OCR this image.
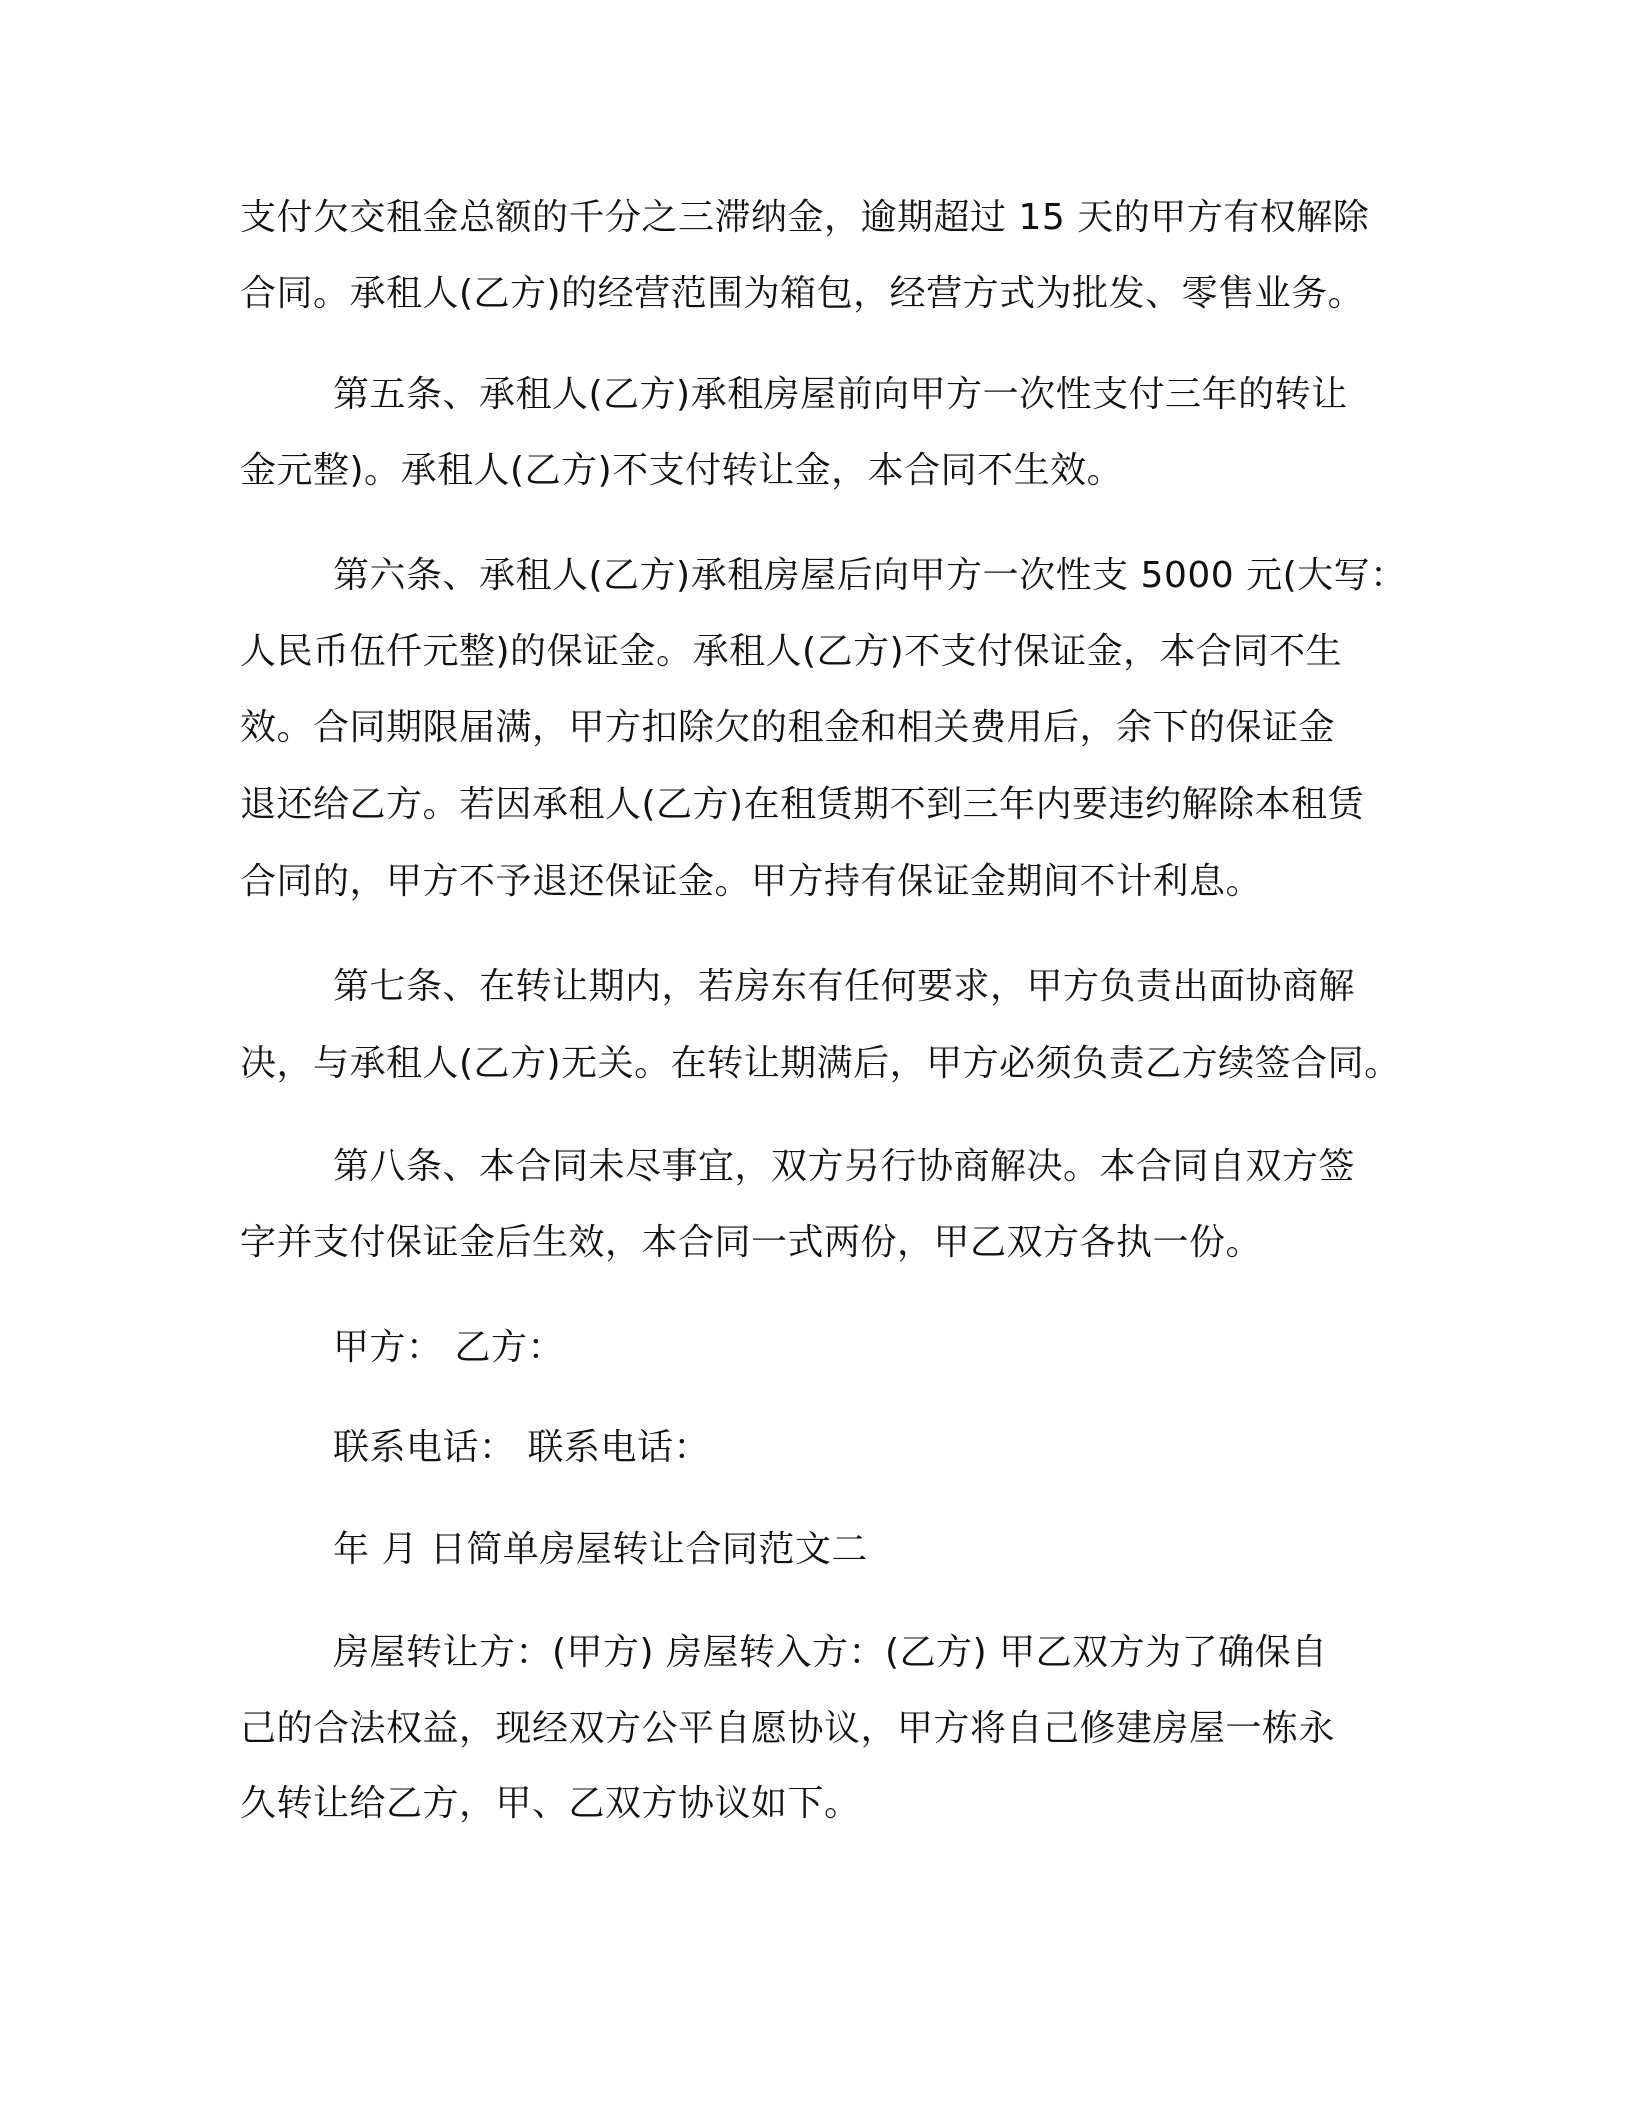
支付欠交租金总额的千分之三滞纳金，逾期超过 15 天的甲方有权解除

合同。承租人(乙方)的经营范围为箱包，经营方式为批发、零售业务。

第五条、承租人(乙方)承租房屋前向甲方一次性支付三年的转让

金元整)。承租人(乙方)不支付转让金，本合同不生效。

第六条、承租人(乙方)承租房屋后向甲方一次性支 5000 元(大写：

人民币伍仟元整)的保证金。承租人(乙方)不支付保证金，本合同不生

效。合同期限届满，甲方扣除欠的租金和相关费用后，余下的保证金

退还给乙方。若因承租人(乙方)在租赁期不到三年内要违约解除本租赁

合同的，甲方不予退还保证金。甲方持有保证金期间不计利息。

第七条、在转让期内，若房东有任何要求，甲方负责出面协商解

决，与承租人(乙方)无关。在转让期满后，甲方必须负责乙方续签合同。

第八条、本合同未尽事宜，双方另行协商解决。本合同自双方签

字并支付保证金后生效，本合同一式两份，甲乙双方各执一份。

甲方： 乙方：

联系电话： 联系电话：

年 月 日简单房屋转让合同范文二

房屋转让方：(甲方) 房屋转入方：(乙方) 甲乙双方为了确保自

己的合法权益，现经双方公平自愿协议，甲方将自己修建房屋一栋永

久转让给乙方，甲、乙双方协议如下。
